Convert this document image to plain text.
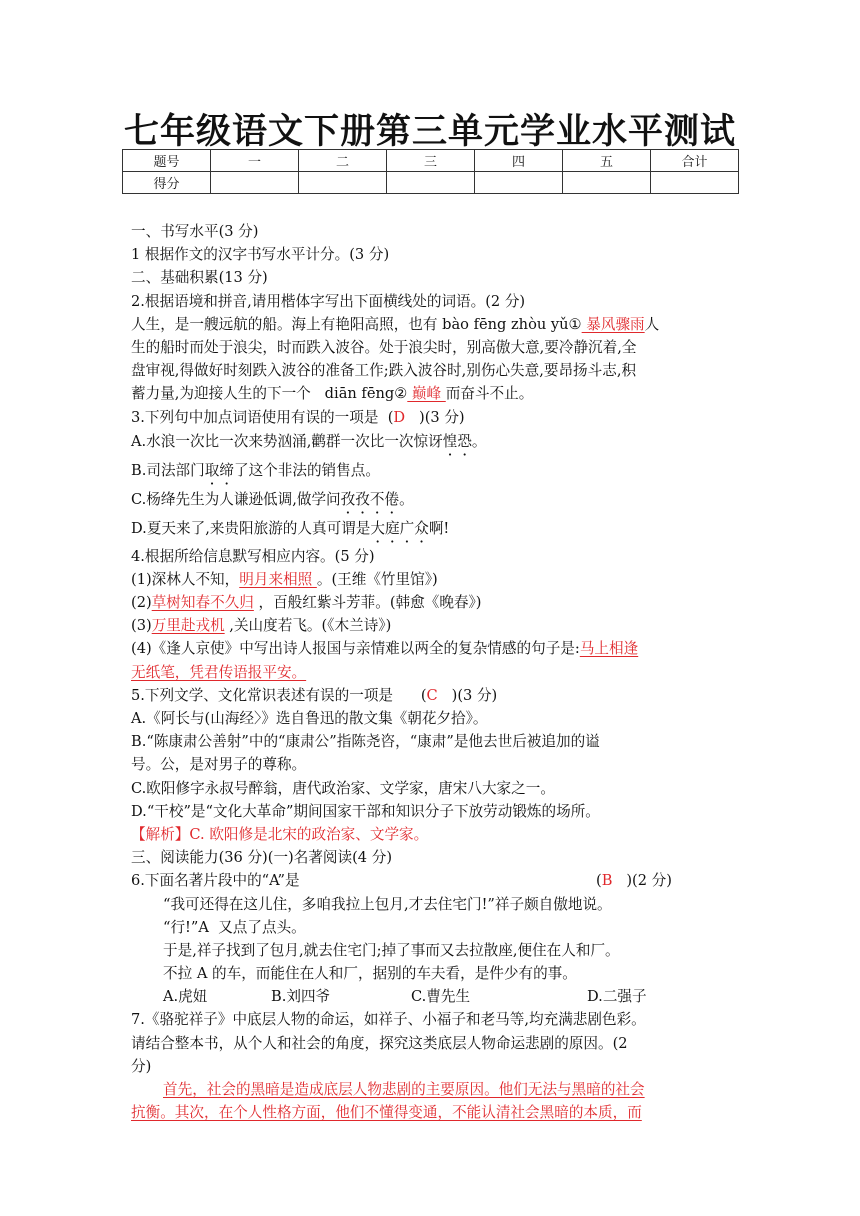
七年级语文下册第三单元学业水平测试
题号	一	二	三	四	五	合计
得分						
一、书写水平(3 分)
1 根据作文的汉字书写水平计分。(3 分)
二、基础积累(13 分)
2.根据语境和拼音,请用楷体字写出下面横线处的词语。(2 分)
人生，是一艘远航的船。海上有艳阳高照，也有 bào fēng zhòu yǔ① 暴风骤雨人
生的船时而处于浪尖，时而跌入波谷。处于浪尖时，别高傲大意,要冷静沉着,全
盘审视,得做好时刻跌入波谷的准备工作;跌入波谷时,别伤心失意,要昂扬斗志,积
蓄力量,为迎接人生的下一个   diān fēng② 巅峰 而奋斗不止。
3.下列句中加点词语使用有误的一项是  (D   )(3 分)
A.水浪一次比一次来势汹涌,鹳群一次比一次惊讶惶恐。
B.司法部门取缔了这个非法的销售点。
C.杨绛先生为人谦逊低调,做学问孜孜不倦。
D.夏天来了,来贵阳旅游的人真可谓是大庭广众啊!
4.根据所给信息默写相应内容。(5 分)
(1)深林人不知，明月来相照 。(王维《竹里馆》)
(2)草树知春不久归 ，百般红紫斗芳菲。(韩愈《晚春》)
(3)万里赴戎机 ,关山度若飞。(《木兰诗》)
(4)《逢人京使》中写出诗人报国与亲情难以两全的复杂情感的句子是:马上相逢
无纸笔，凭君传语报平安。
5.下列文学、文化常识表述有误的一项是      (C   )(3 分)
A.《阿长与(山海经〉》选自鲁迅的散文集《朝花夕拾》。
B.“陈康肃公善射”中的“康肃公”指陈尧咨，“康肃”是他去世后被追加的谥
号。公，是对男子的尊称。
C.欧阳修字永叔号醉翁，唐代政治家、文学家，唐宋八大家之一。
D.“干校”是“文化大革命”期间国家干部和知识分子下放劳动锻炼的场所。
【解析】C. 欧阳修是北宋的政治家、文学家。
三、阅读能力(36 分)(一)名著阅读(4 分)
6.下面名著片段中的“A”是	(B   )(2 分)
“我可还得在这儿住，多咱我拉上包月,才去住宅门!”祥子颇自傲地说。
“行!”A  又点了点头。
于是,祥子找到了包月,就去住宅门;掉了事而又去拉散座,便住在人和厂。
不拉 A 的车，而能住在人和厂，据别的车夫看，是件少有的事。
A.虎妞	B.刘四爷	C.曹先生	D.二强子
7.《骆驼祥子》中底层人物的命运，如祥子、小福子和老马等,均充满悲剧色彩。
请结合整本书，从个人和社会的角度，探究这类底层人物命运悲剧的原因。(2
分)
首先，社会的黑暗是造成底层人物悲剧的主要原因。他们无法与黑暗的社会
抗衡。其次，在个人性格方面，他们不懂得变通，不能认清社会黑暗的本质，而
